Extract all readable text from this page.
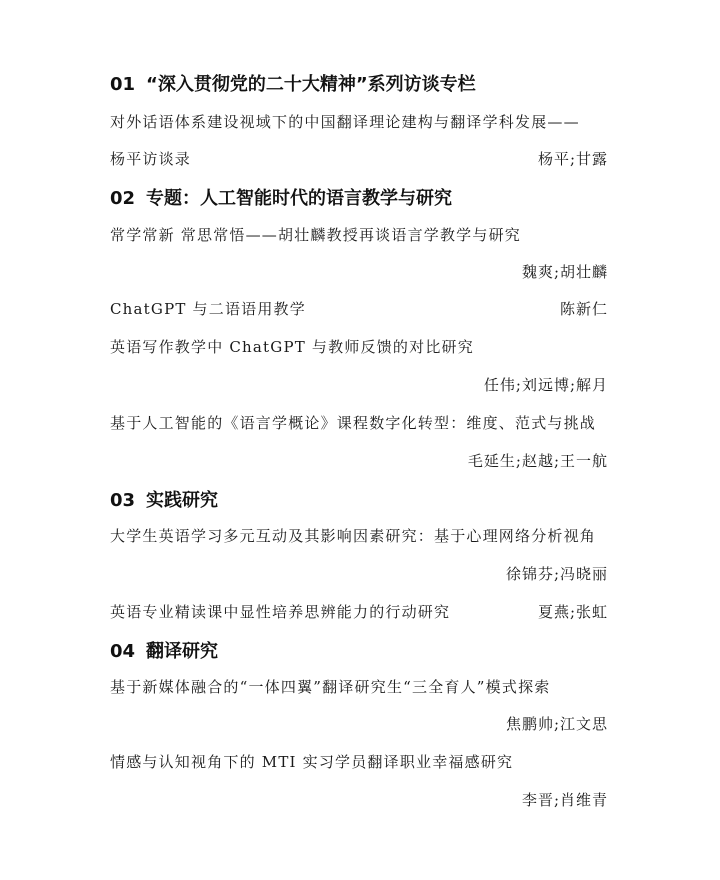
01 “深入贯彻党的二十大精神”系列访谈专栏
对外话语体系建设视域下的中国翻译理论建构与翻译学科发展——
杨平访谈录	杨平;甘露
02 专题：人工智能时代的语言教学与研究
常学常新 常思常悟——胡壮麟教授再谈语言学教学与研究
魏爽;胡壮麟
ChatGPT 与二语语用教学	陈新仁
英语写作教学中 ChatGPT 与教师反馈的对比研究
任伟;刘远博;解月
基于人工智能的《语言学概论》课程数字化转型：维度、范式与挑战
毛延生;赵越;王一航
03 实践研究
大学生英语学习多元互动及其影响因素研究：基于心理网络分析视角
徐锦芬;冯晓丽
英语专业精读课中显性培养思辨能力的行动研究	夏燕;张虹
04 翻译研究
基于新媒体融合的“一体四翼”翻译研究生“三全育人”模式探索
焦鹏帅;江文思
情感与认知视角下的 MTI 实习学员翻译职业幸福感研究
李晋;肖维青
